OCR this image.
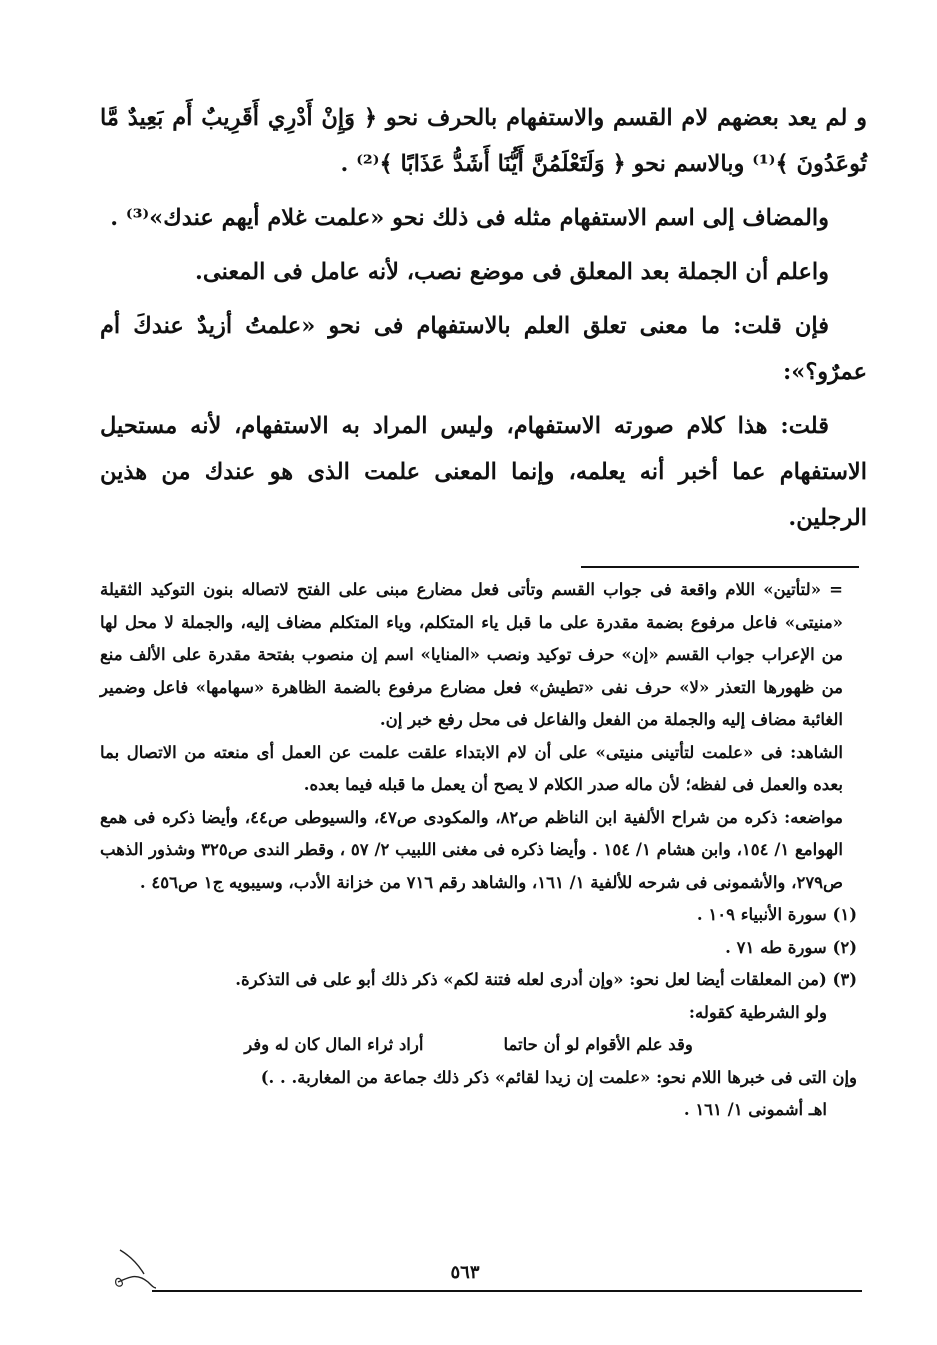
و لم يعد بعضهم لام القسم والاستفهام بالحرف نحو ﴿ وَإِنْ أَدْرِي أَقَرِيبٌ أَم بَعِيدٌ مَّا تُوعَدُونَ ﴾⁽¹⁾ وبالاسم نحو ﴿ وَلَتَعْلَمُنَّ أَيُّنَا أَشَدُّ عَذَابًا ﴾⁽²⁾ .

والمضاف إلى اسم الاستفهام مثله فى ذلك نحو «علمت غلام أيهم عندك»⁽³⁾ .

واعلم أن الجملة بعد المعلق فى موضع نصب، لأنه عامل فى المعنى.

فإن قلت: ما معنى تعلق العلم بالاستفهام فى نحو «علمتُ أزيدٌ عندكَ أم عمرٌو؟»:

قلت: هذا كلام صورته الاستفهام، وليس المراد به الاستفهام، لأنه مستحيل الاستفهام عما أخبر أنه يعلمه، وإنما المعنى علمت الذى هو عندك من هذين الرجلين.

= «لتأتين» اللام واقعة فى جواب القسم وتأتى فعل مضارع مبنى على الفتح لاتصاله بنون التوكيد الثقيلة «منيتى» فاعل مرفوع بضمة مقدرة على ما قبل ياء المتكلم، وياء المتكلم مضاف إليه، والجملة لا محل لها من الإعراب جواب القسم «إن» حرف توكيد ونصب «المنايا» اسم إن منصوب بفتحة مقدرة على الألف منع من ظهورها التعذر «لا» حرف نفى «تطيش» فعل مضارع مرفوع بالضمة الظاهرة «سهامها» فاعل وضمير الغائبة مضاف إليه والجملة من الفعل والفاعل فى محل رفع خبر إن.

الشاهد: فى «علمت لتأتينى منيتى» على أن لام الابتداء علقت علمت عن العمل أى منعته من الاتصال بما بعده والعمل فى لفظه؛ لأن ماله صدر الكلام لا يصح أن يعمل ما قبله فيما بعده.

مواضعه: ذكره من شراح الألفية ابن الناظم ص٨٢، والمكودى ص٤٧، والسيوطى ص٤٤، وأيضا ذكره فى همع الهوامع ١/ ١٥٤، وابن هشام ١/ ١٥٤ . وأيضا ذكره فى مغنى اللبيب ٢/ ٥٧ ، وقطر الندى ص٣٢٥ وشذور الذهب ص٢٧٩، والأشمونى فى شرحه للألفية ١/ ١٦١، والشاهد رقم ٧١٦ من خزانة الأدب، وسيبويه ج١ ص٤٥٦ .

(١) سورة الأنبياء ١٠٩ .

(٢) سورة طه ٧١ .

(٣) (من المعلقات أيضا لعل نحو: «وإن أدرى لعله فتنة لكم» ذكر ذلك أبو على فى التذكرة.

ولو الشرطية كقوله:

وقد علم الأقوام لو أن حاتما
أراد ثراء المال كان له وفر

وإن التى فى خبرها اللام نحو: «علمت إن زيدا لقائم» ذكر ذلك جماعة من المغاربة. . .)

اهـ أشمونى ١/ ١٦١ .

٥٦٣
